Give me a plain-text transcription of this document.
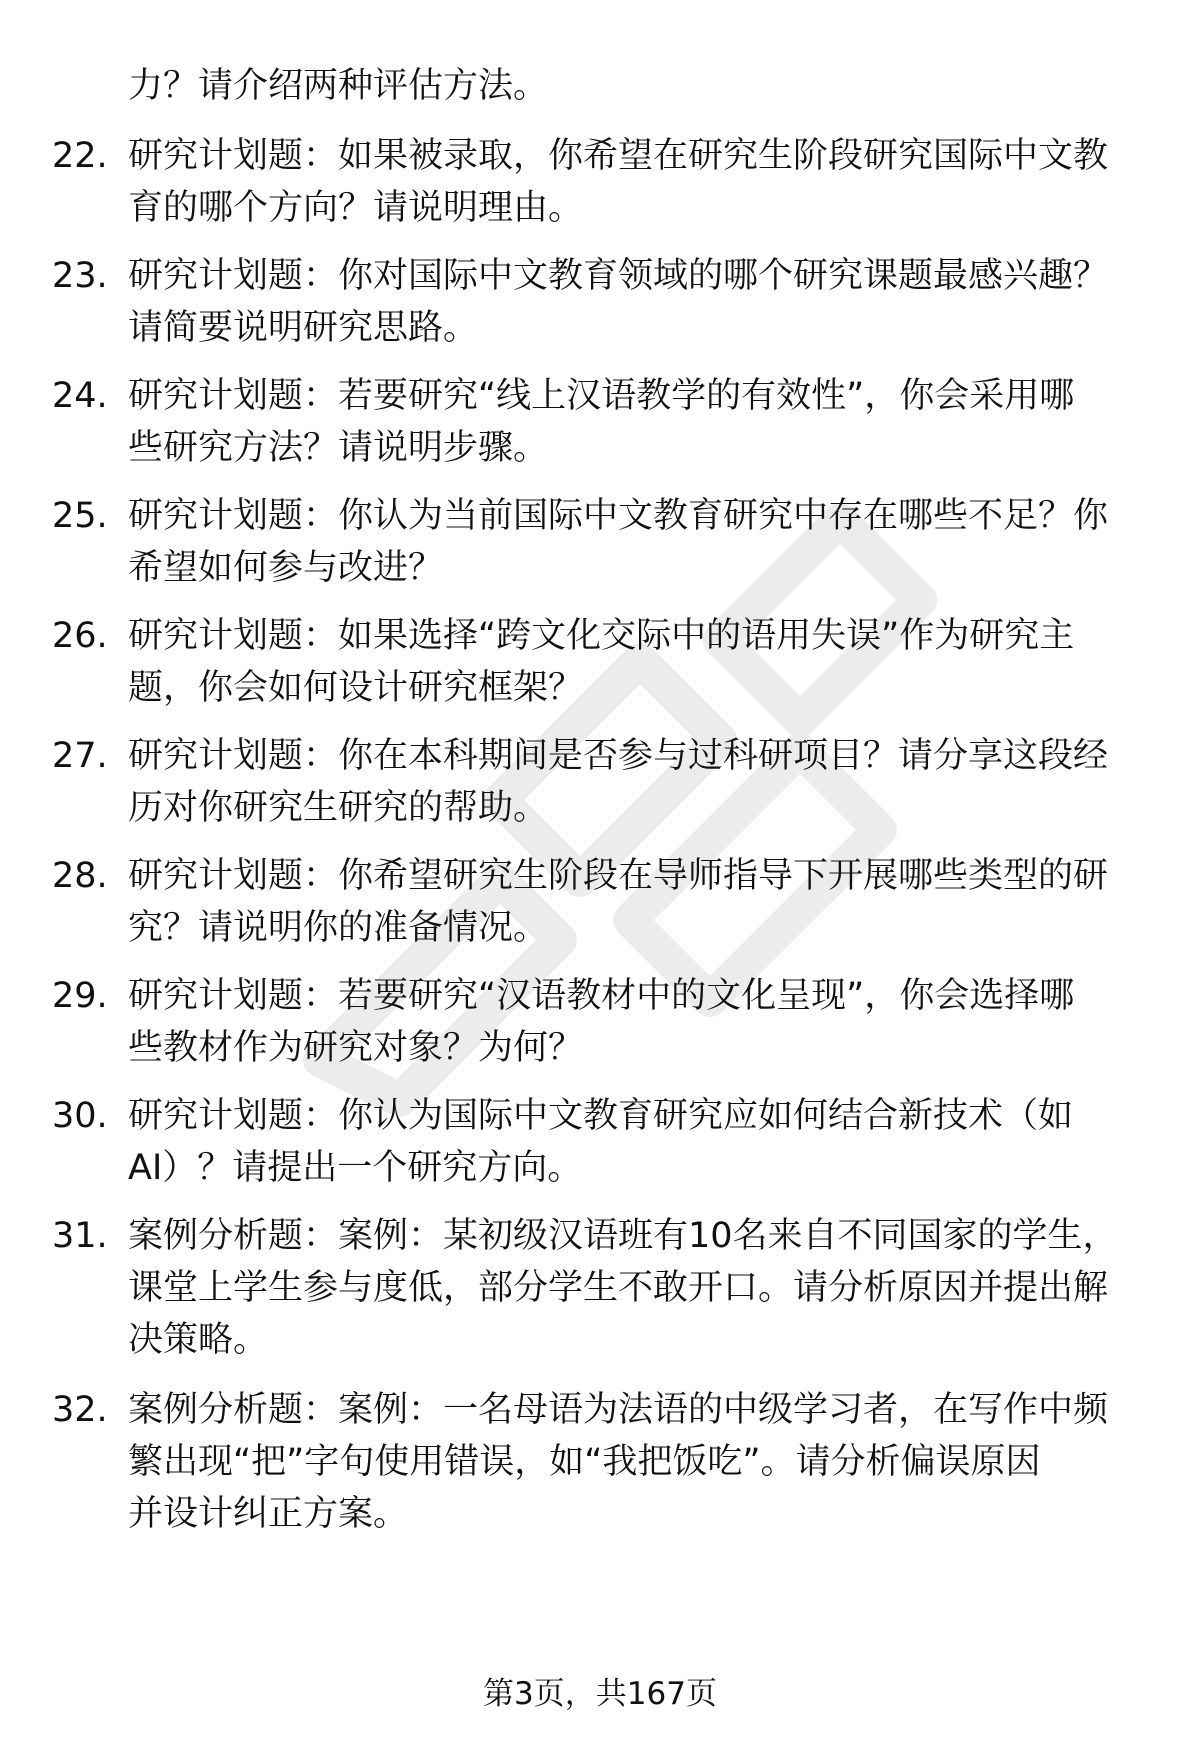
力？请介绍两种评估方法。
22. 研究计划题：如果被录取，你希望在研究生阶段研究国际中文教
育的哪个方向？请说明理由。
23. 研究计划题：你对国际中文教育领域的哪个研究课题最感兴趣？
请简要说明研究思路。
24. 研究计划题：若要研究“线上汉语教学的有效性”，你会采用哪
些研究方法？请说明步骤。
25. 研究计划题：你认为当前国际中文教育研究中存在哪些不足？你
希望如何参与改进？
26. 研究计划题：如果选择“跨文化交际中的语用失误”作为研究主
题，你会如何设计研究框架？
27. 研究计划题：你在本科期间是否参与过科研项目？请分享这段经
历对你研究生研究的帮助。
28. 研究计划题：你希望研究生阶段在导师指导下开展哪些类型的研
究？请说明你的准备情况。
29. 研究计划题：若要研究“汉语教材中的文化呈现”，你会选择哪
些教材作为研究对象？为何？
30. 研究计划题：你认为国际中文教育研究应如何结合新技术（如
AI）？请提出一个研究方向。
31. 案例分析题：案例：某初级汉语班有10名来自不同国家的学生，
课堂上学生参与度低，部分学生不敢开口。请分析原因并提出解
决策略。
32. 案例分析题：案例：一名母语为法语的中级学习者，在写作中频
繁出现“把”字句使用错误，如“我把饭吃”。请分析偏误原因
并设计纠正方案。
第3页，共167页
